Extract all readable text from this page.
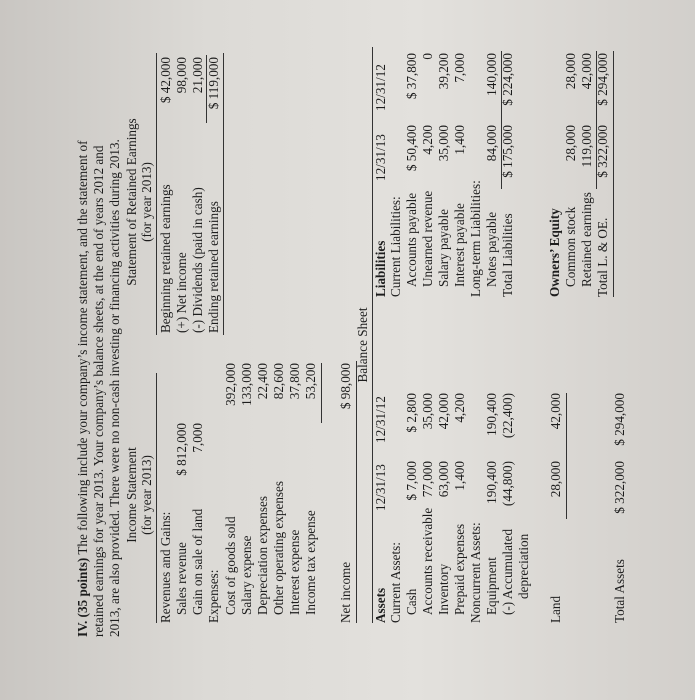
IV. (35 points) The following include your company’s income statement, and the statement of retained earnings for year 2013. Your company’s balance sheets, at the end of years 2012 and 2013, are also provided. There were no non-cash investing or financing activities during 2013. Income Statement (for year 2013)
Revenues and Gains: Sales revenue
$ 812,000
Gain on sale of land
7,000
Expenses: Cost of goods sold
392,000
Salary expense
133,000
Depreciation expenses
22,400
Other operating expenses
82,600
Interest expense
37,800
Income tax expense
53,200
Net income
$ 98,000
Statement of Retained Earnings (for year 2013) Beginning retained earnings
$ 42,000
(+) Net income
98,000
(-) Dividends (paid in cash)
21,000
Ending retained earnings
$ 119,000
Balance Sheet
Assets
12/31/13
12/31/12
Current Assets: Cash
$ 7,000
$ 2,800
Accounts receivable
77,000
35,000
Inventory
63,000
42,000
Prepaid expenses
1,400
4,200
Noncurrent Assets: Equipment
190,400
190,400
(-) Accumulated
(44,800)
(22,400)
depreciation
Land
28,000
42,000
Total Assets
$ 322,000
$ 294,000
Liabilities
12/31/13
12/31/12
Current Liabilities: Accounts payable
$ 50,400
$ 37,800
Unearned revenue
4,200
0
Salary payable
35,000
39,200
Interest payable
1,400
7,000
Long-term Liabilities: Notes payable
84,000
140,000
Total Liabilities
$ 175,000
$ 224,000
Owners’ Equity Common stock
28,000
28,000
Retained earnings
119,000
42,000
Total L. & OE.
$ 322,000
$ 294,000
